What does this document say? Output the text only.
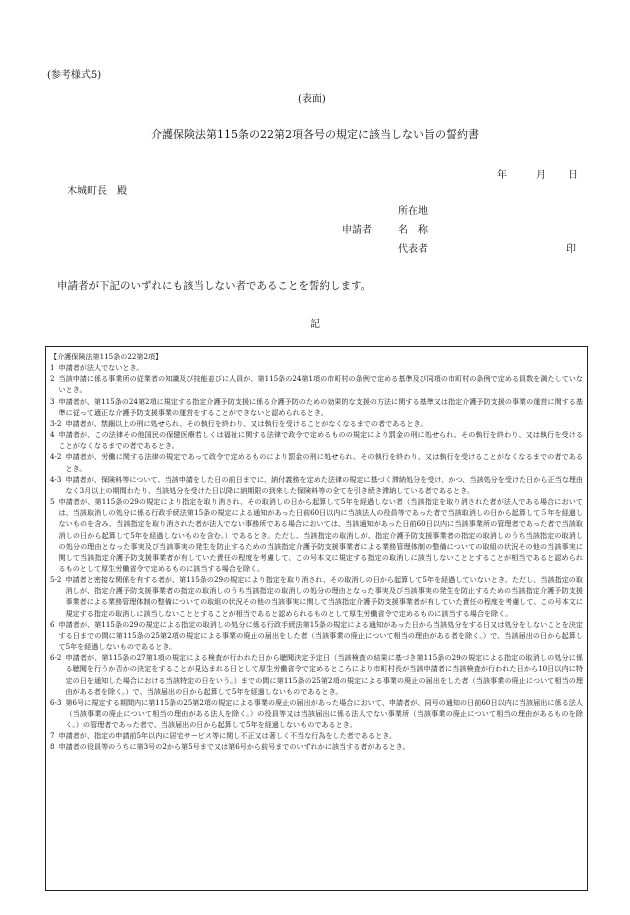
(参考様式5)
(表面)
介護保険法第115条の22第2項各号の規定に該当しない旨の誓約書
年	月 日
木城町長　殿
所在地
申請者	名　称
代表者	印
申請者が下記のいずれにも該当しない者であることを誓約します。
記
【介護保険法第115条の22第2項】
1 申請者が法人でないとき。
2 当該申請に係る事業所の従業者の知識及び技能並びに人員が、第115条の24第1項の市町村の条例で定める基準及び同項の市町村の条例で定める員数を満たしていないとき。
3 申請者が、第115条の24第2項に規定する指定介護予防支援に係る介護予防のための効果的な支援の方法に関する基準又は指定介護予防支援の事業の運営に関する基準に従って適正な介護予防支援事業の運営をすることができないと認められるとき。
3-2 申請者が、禁錮以上の刑に処せられ、その執行を終わり、又は執行を受けることがなくなるまでの者であるとき。
4 申請者が、この法律その他国民の保健医療若しくは福祉に関する法律で政令で定めるものの規定により罰金の刑に処せられ、その執行を終わり、又は執行を受けることがなくなるまでの者であるとき。
4-2 申請者が、労働に関する法律の規定であって政令で定めるものにより罰金の刑に処せられ、その執行を終わり、又は執行を受けることがなくなるまでの者であるとき。
4-3 申請者が、保険料等について、当該申請をした日の前日までに、納付義務を定めた法律の規定に基づく滞納処分を受け、かつ、当該処分を受けた日から正当な理由なく3月以上の期間わたり、当該処分を受けた日以降に納期限の到来した保険料等の全てを引き続き滞納している者であるとき。
5 申請者が、第115条の29の規定により指定を取り消され、その取消しの日から起算して5年を経過しない者（当該指定を取り消された者が法人である場合においては、当該取消しの処分に係る行政手続法第15条の規定による通知があった日前60日以内に当該法人の役員等であった者で当該取消しの日から起算して５年を経過しないものを含み、当該指定を取り消された者が法人でない事務所である場合においては、当該通知があった日前60日以内に当該事業所の管理者であった者で当該取消しの日から起算して5年を経過しないものを含む。）であるとき。ただし、当該指定の取消しが、指定介護予防支援事業者の指定の取消しのうち当該指定の取消しの処分の理由となった事実及び当該事実の発生を防止するための当該指定介護予防支援事業者による業務管理体制の整備についての取組の状況その他の当該事実に関して当該指定介護予防支援事業者が有していた責任の程度を考慮して、この号本文に規定する指定の取消しに該当しないこととすることが相当であると認められるものとして厚生労働省令で定めるものに該当する場合を除く。
5-2 申請者と密接な関係を有する者が、第115条の29の規定により指定を取り消され、その取消しの日から起算して5年を経過していないとき。ただし、当該指定の取消しが、指定介護予防支援事業者の指定の取消しのうち当該指定の取消しの処分の理由となった事実及び当該事実の発生を防止するための当該指定介護予防支援事業者による業務管理体制の整備についての取組の状況その他の当該事実に関して当該指定介護予防支援事業者が有していた責任の程度を考慮して、この号本文に規定する指定の取消しに該当しないこととすることが相当であると認められるものとして厚生労働省令で定めるものに該当する場合を除く。
6 申請者が、第115条の29の規定による指定の取消しの処分に係る行政手続法第15条の規定による通知があった日から当該処分をする日又は処分をしないことを決定する日までの間に第115条の25第2項の規定による事業の廃止の届出をした者（当該事業の廃止について相当の理由がある者を除く。）で、当該届出の日から起算して5年を経過しないものであるとき。
6-2 申請者が、第115条の27第1項の規定による検査が行われた日から聴聞決定予定日（当該検査の結果に基づき第115条の29の規定による指定の取消しの処分に係る聴聞を行うか否かの決定をすることが見込まれる日として厚生労働省令で定めるところにより市町村長が当該申請者に当該検査が行われた日から10日以内に特定の日を通知した場合における当該特定の日をいう。）までの間に第115条の25第2項の規定による事業の廃止の届出をした者（当該事業の廃止について相当の理由がある者を除く。）で、当該届出の日から起算して5年を経過しないものであるとき。
6-3 第6号に規定する期間内に第115条の25第2項の規定による事業の廃止の届出があった場合において、申請者が、同号の通知の日前60日以内に当該届出に係る法人（当該事業の廃止について相当の理由がある法人を除く。）の役員等又は当該届出に係る法人でない事業所（当該事業の廃止について相当の理由があるものを除く。）の管理者であった者で、当該届出の日から起算して5年を経過しないものであるとき。
7 申請者が、指定の申請前5年以内に居宅サービス等に関し不正又は著しく不当な行為をした者であるとき。
8 申請者の役員等のうちに第3号の2から第5号まで又は第6号から前号までのいずれかに該当する者があるとき。
